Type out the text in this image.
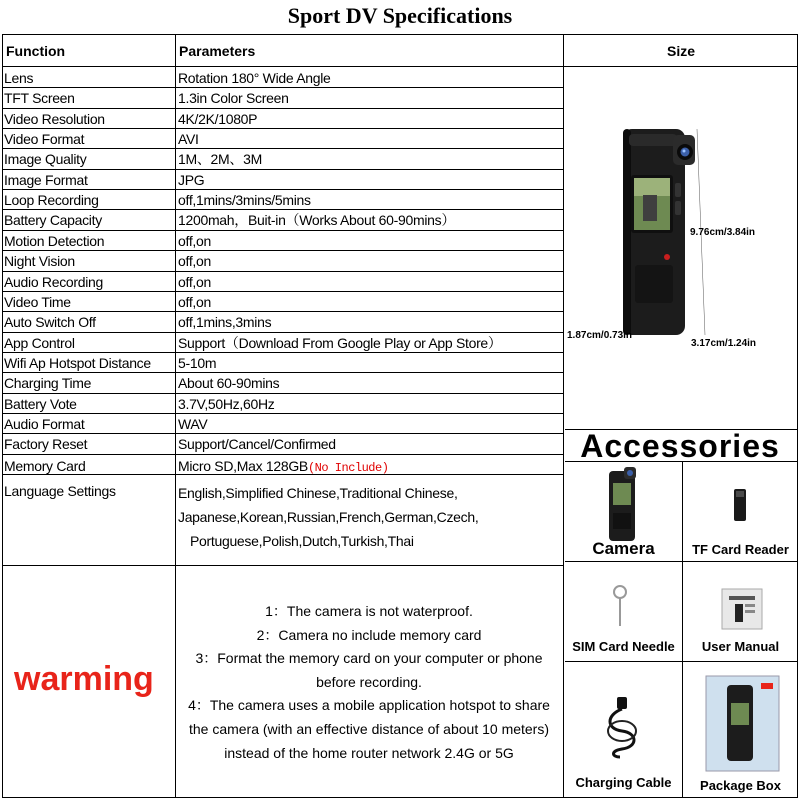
Sport DV Specifications
Function	Parameters	Size
Lens	Rotation 180° Wide Angle
TFT Screen	1.3in Color Screen
Video Resolution	4K/2K/1080P
Video Format	AVI
Image Quality	1M、2M、3M
Image Format	JPG
Loop Recording	off,1mins/3mins/5mins
Battery Capacity	1200mah，Buit-in（Works About 60-90mins）
Motion Detection	off,on
Night Vision	off,on
Audio Recording	off,on
Video Time	off,on
Auto Switch Off	off,1mins,3mins
App Control	Support（Download From Google Play or App Store）
Wifi Ap Hotspot Distance 5-10m
Charging Time	About 60-90mins
Battery Vote	3.7V,50Hz,60Hz
Audio Format	WAV
Factory Reset	Support/Cancel/Confirmed
Memory Card	Micro SD,Max 128GB(No Include)
Language Settings	English,Simplified Chinese,Traditional Chinese,
Japanese,Korean,Russian,French,German,Czech,
Portuguese,Polish,Dutch,Turkish,Thai
warming
1：The camera is not waterproof.
2：Camera no include memory card
3：Format the memory card on your computer or phone
before recording.
4：The camera uses a mobile application hotspot to share
the camera (with an effective distance of about 10 meters)
instead of the home router network 2.4G or 5G
9.76cm/3.84in
1.87cm/0.73in
3.17cm/1.24in
Accessories
Camera	TF Card Reader
SIM Card Needle	User Manual
Charging Cable	Package Box
